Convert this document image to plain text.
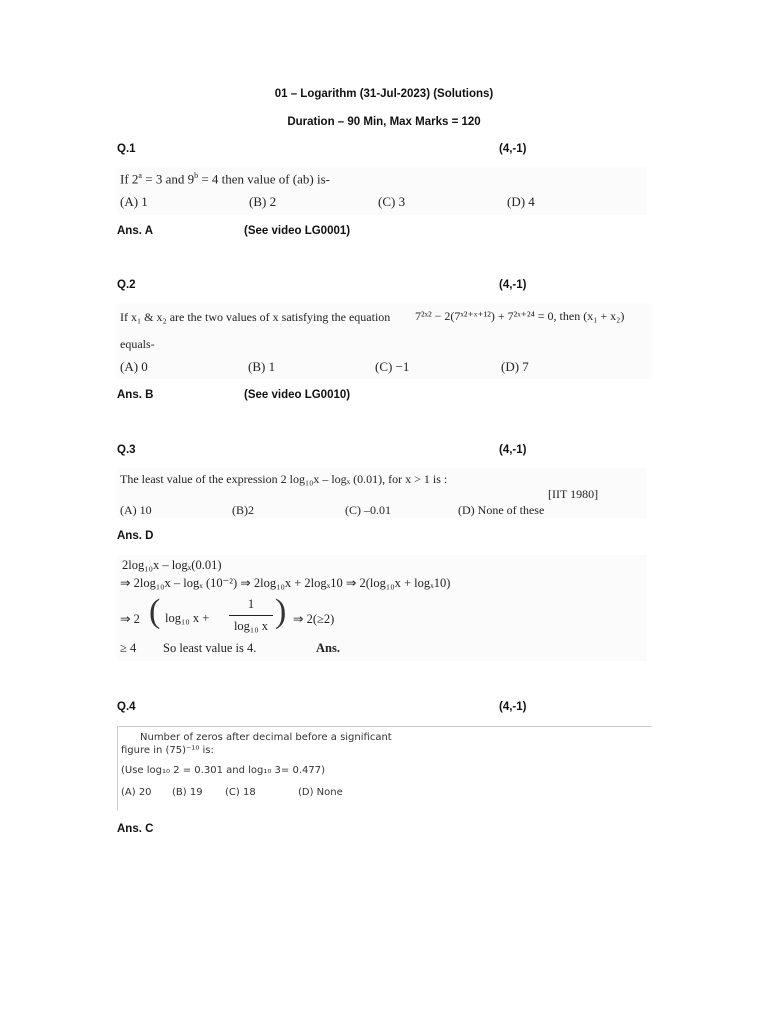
01 – Logarithm (31-Jul-2023) (Solutions)
Duration – 90 Min, Max Marks = 120
Q.1	(4,-1)
If $2^a = 3$ and $9^b = 4$ then value of (ab) is-
(A) 1	(B) 2	(C) 3	(D) 4
Ans. A	(See video LG0001)
Q.2	(4,-1)
If x₁ & x₂ are the two values of x satisfying the equation 7²ˣ² − 2(7ˣ²⁺ˣ⁺¹²) + 7²ˣ⁺²⁴ = 0, then (x₁ + x₂)
equals-
(A) 0	(B) 1	(C) −1	(D) 7
Ans. B	(See video LG0010)
Q.3	(4,-1)
The least value of the expression 2 log₁₀x – logₓ (0.01), for x > 1 is :
[IIT 1980]
(A) 10	(B)2	(C) –0.01	(D) None of these
Ans. D
2log₁₀x – logₓ(0.01)
⇒ 2log₁₀x – logₓ (10⁻²) ⇒ 2log₁₀x + 2logₓ10 ⇒ 2(log₁₀x + logₓ10)
⇒ 2 ( log₁₀ x +
1
log₁₀ x ) ⇒ 2(≥2)
≥ 4 So least value is 4.	Ans.
Q.4	(4,-1)
Number of zeros after decimal before a significant
figure in (75)⁻¹⁰ is:
(Use log₁₀ 2 = 0.301 and log₁₀ 3= 0.477)
(A) 20 (B) 19 (C) 18	(D) None
Ans. C
